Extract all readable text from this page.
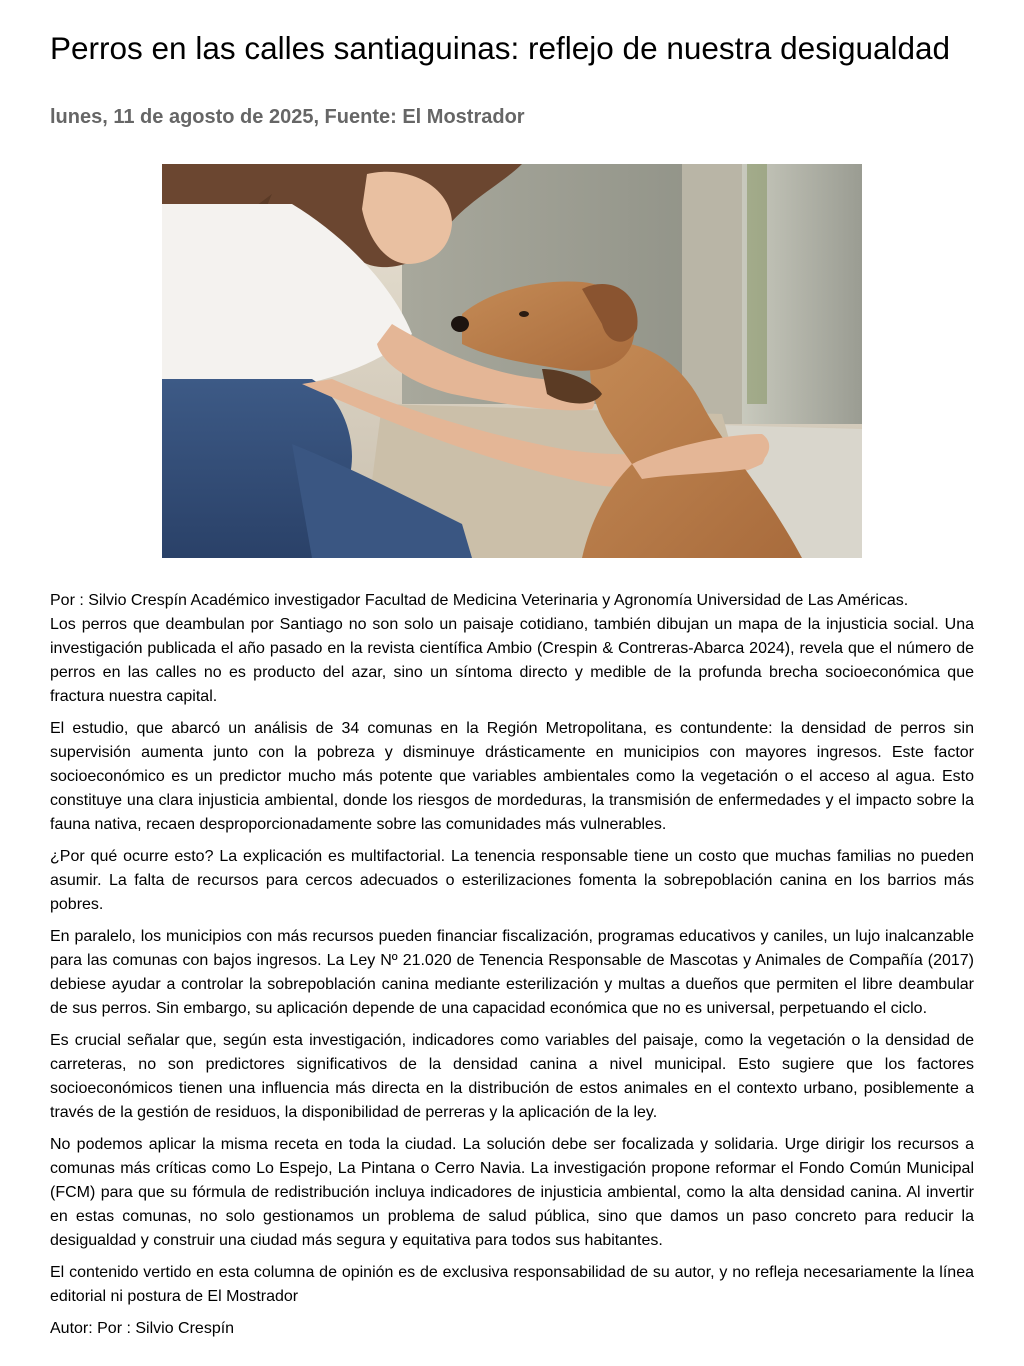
Perros en las calles santiaguinas: reflejo de nuestra desigualdad
lunes, 11 de agosto de 2025, Fuente: El Mostrador

Por : Silvio Crespín Académico investigador Facultad de Medicina Veterinaria y Agronomía Universidad de Las Américas.

Los perros que deambulan por Santiago no son solo un paisaje cotidiano, también dibujan un mapa de la injusticia social. Una investigación publicada el año pasado en la revista científica Ambio (Crespin & Contreras-Abarca 2024), revela que el número de perros en las calles no es producto del azar, sino un síntoma directo y medible de la profunda brecha socioeconómica que fractura nuestra capital.

El estudio, que abarcó un análisis de 34 comunas en la Región Metropolitana, es contundente: la densidad de perros sin supervisión aumenta junto con la pobreza y disminuye drásticamente en municipios con mayores ingresos. Este factor socioeconómico es un predictor mucho más potente que variables ambientales como la vegetación o el acceso al agua. Esto constituye una clara injusticia ambiental, donde los riesgos de mordeduras, la transmisión de enfermedades y el impacto sobre la fauna nativa, recaen desproporcionadamente sobre las comunidades más vulnerables.

¿Por qué ocurre esto? La explicación es multifactorial. La tenencia responsable tiene un costo que muchas familias no pueden asumir. La falta de recursos para cercos adecuados o esterilizaciones fomenta la sobrepoblación canina en los barrios más pobres.

En paralelo, los municipios con más recursos pueden financiar fiscalización, programas educativos y caniles, un lujo inalcanzable para las comunas con bajos ingresos. La Ley Nº 21.020 de Tenencia Responsable de Mascotas y Animales de Compañía (2017) debiese ayudar a controlar la sobrepoblación canina mediante esterilización y multas a dueños que permiten el libre deambular de sus perros. Sin embargo, su aplicación depende de una capacidad económica que no es universal, perpetuando el ciclo.

Es crucial señalar que, según esta investigación, indicadores como variables del paisaje, como la vegetación o la densidad de carreteras, no son predictores significativos de la densidad canina a nivel municipal. Esto sugiere que los factores socioeconómicos tienen una influencia más directa en la distribución de estos animales en el contexto urbano, posiblemente a través de la gestión de residuos, la disponibilidad de perreras y la aplicación de la ley.

No podemos aplicar la misma receta en toda la ciudad. La solución debe ser focalizada y solidaria. Urge dirigir los recursos a comunas más críticas como Lo Espejo, La Pintana o Cerro Navia. La investigación propone reformar el Fondo Común Municipal (FCM) para que su fórmula de redistribución incluya indicadores de injusticia ambiental, como la alta densidad canina. Al invertir en estas comunas, no solo gestionamos un problema de salud pública, sino que damos un paso concreto para reducir la desigualdad y construir una ciudad más segura y equitativa para todos sus habitantes.

El contenido vertido en esta columna de opinión es de exclusiva responsabilidad de su autor, y no refleja necesariamente la línea editorial ni postura de El Mostrador

Autor: Por : Silvio Crespín
